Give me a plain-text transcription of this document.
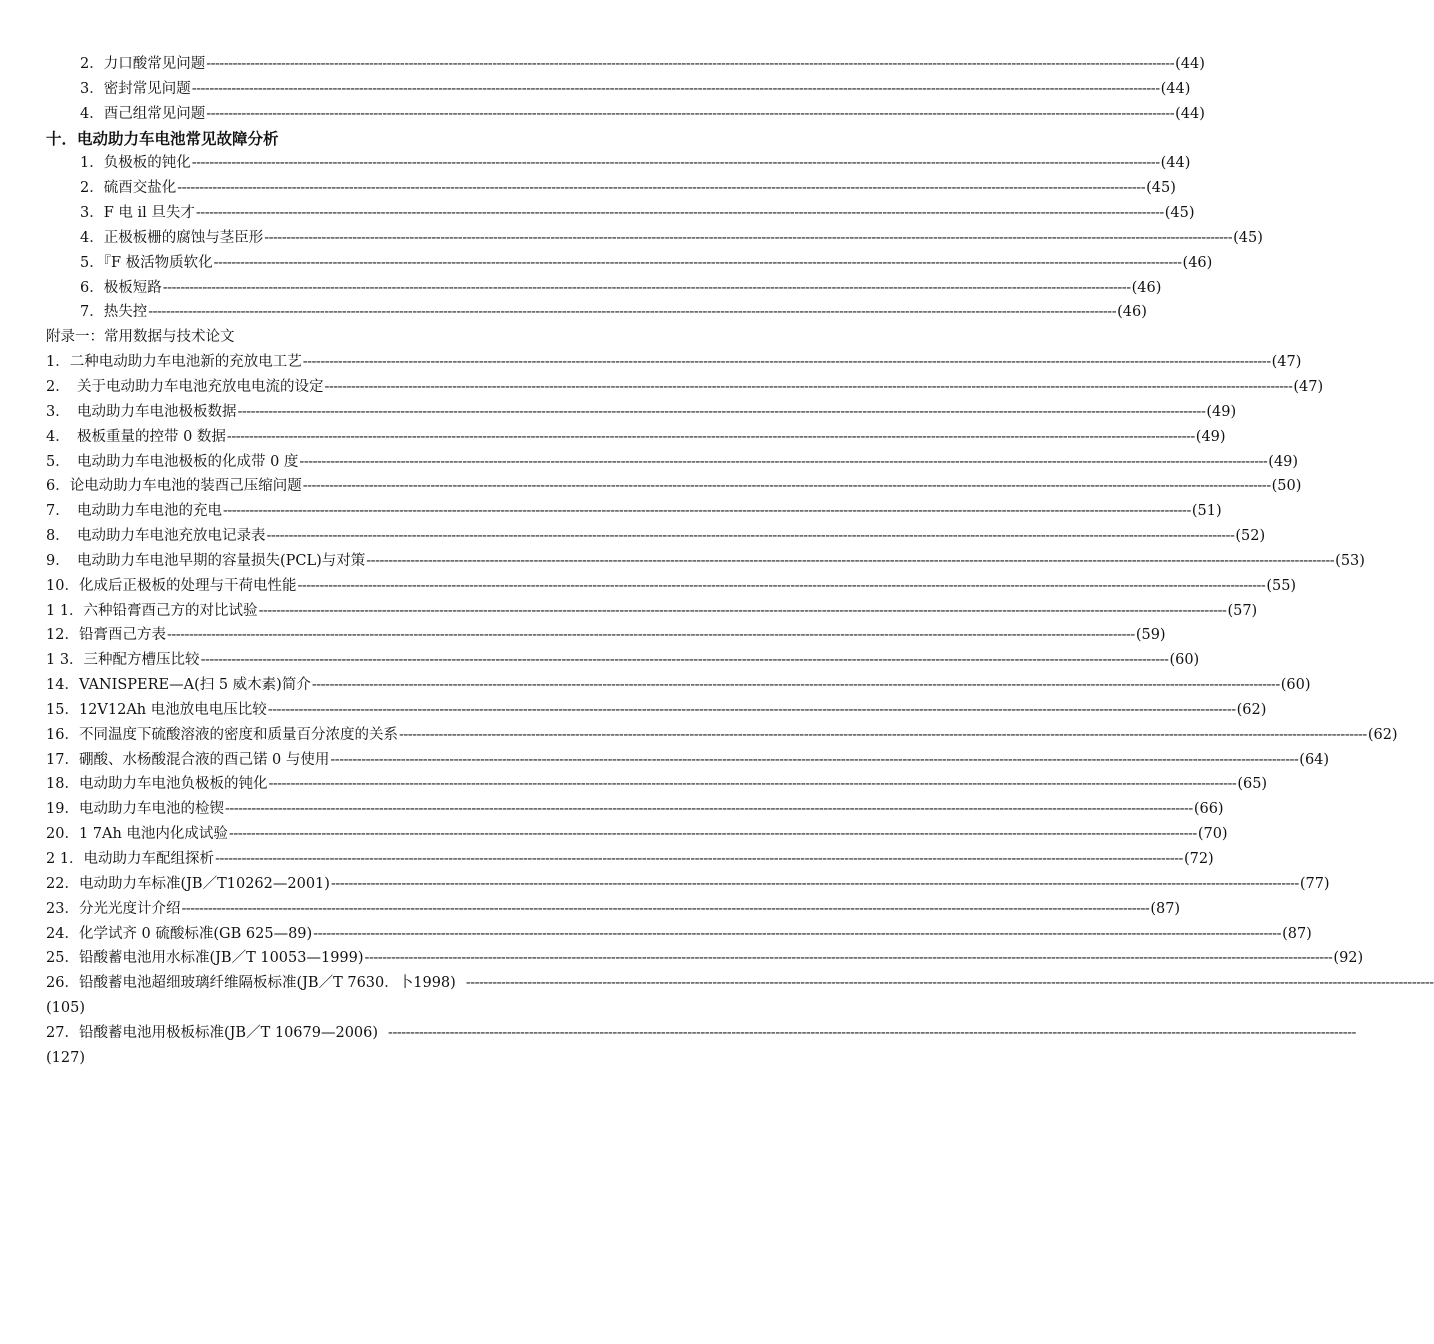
2．力口酸常见问题 ---------------------------------------------------------------------------------------------------------------------------------------------------------------------------------------------------------------------------- (44)
3．密封常见问题 ---------------------------------------------------------------------------------------------------------------------------------------------------------------------------------------------------------------------------- (44)
4．酉己组常见问题 ---------------------------------------------------------------------------------------------------------------------------------------------------------------------------------------------------------------------------- (44)
十．电动助力车电池常见故障分析
1．负极板的钝化 ---------------------------------------------------------------------------------------------------------------------------------------------------------------------------------------------------------------------------- (44)
2．硫酉交盐化 ---------------------------------------------------------------------------------------------------------------------------------------------------------------------------------------------------------------------------- (45)
3．F 电 il 旦失才 ---------------------------------------------------------------------------------------------------------------------------------------------------------------------------------------------------------------------------- (45)
4．正极板栅的腐蚀与茎臣形 ---------------------------------------------------------------------------------------------------------------------------------------------------------------------------------------------------------------------------- (45)
5．『F 极活物质软化 ---------------------------------------------------------------------------------------------------------------------------------------------------------------------------------------------------------------------------- (46)
6．极板短路 ---------------------------------------------------------------------------------------------------------------------------------------------------------------------------------------------------------------------------- (46)
7．热失控 ---------------------------------------------------------------------------------------------------------------------------------------------------------------------------------------------------------------------------- (46)
附录一：常用数据与技术论文
1．二种电动助力车电池新的充放电工艺 ---------------------------------------------------------------------------------------------------------------------------------------------------------------------------------------------------------------------------- (47)
2．　关于电动助力车电池充放电电流的设定 ---------------------------------------------------------------------------------------------------------------------------------------------------------------------------------------------------------------------------- (47)
3．　电动助力车电池极板数据 ---------------------------------------------------------------------------------------------------------------------------------------------------------------------------------------------------------------------------- (49)
4．　极板重量的控带 0 数据 ---------------------------------------------------------------------------------------------------------------------------------------------------------------------------------------------------------------------------- (49)
5．　电动助力车电池极板的化成带 0 度 ---------------------------------------------------------------------------------------------------------------------------------------------------------------------------------------------------------------------------- (49)
6．论电动助力车电池的装酉己压缩问题 ---------------------------------------------------------------------------------------------------------------------------------------------------------------------------------------------------------------------------- (50)
7．　电动助力车电池的充电 ---------------------------------------------------------------------------------------------------------------------------------------------------------------------------------------------------------------------------- (51)
8．　电动助力车电池充放电记录表 ---------------------------------------------------------------------------------------------------------------------------------------------------------------------------------------------------------------------------- (52)
9．　电动助力车电池早期的容量损失(PCL)与对策 ---------------------------------------------------------------------------------------------------------------------------------------------------------------------------------------------------------------------------- (53)
10．化成后正极板的处理与干荷电性能 ---------------------------------------------------------------------------------------------------------------------------------------------------------------------------------------------------------------------------- (55)
1 1．六种铅膏酉己方的对比试验 ---------------------------------------------------------------------------------------------------------------------------------------------------------------------------------------------------------------------------- (57)
12．铅膏酉己方表 ---------------------------------------------------------------------------------------------------------------------------------------------------------------------------------------------------------------------------- (59)
1 3．三种配方槽压比较 ---------------------------------------------------------------------------------------------------------------------------------------------------------------------------------------------------------------------------- (60)
14．VANISPERE—A(扫 5 威木素)简介 ---------------------------------------------------------------------------------------------------------------------------------------------------------------------------------------------------------------------------- (60)
15．12V12Ah 电池放电电压比较 ---------------------------------------------------------------------------------------------------------------------------------------------------------------------------------------------------------------------------- (62)
16．不同温度下硫酸溶液的密度和质量百分浓度的关系 ---------------------------------------------------------------------------------------------------------------------------------------------------------------------------------------------------------------------------- (62)
17．硼酸、水杨酸混合液的酉己锘 0 与使用 ---------------------------------------------------------------------------------------------------------------------------------------------------------------------------------------------------------------------------- (64)
18．电动助力车电池负极板的钝化 ---------------------------------------------------------------------------------------------------------------------------------------------------------------------------------------------------------------------------- (65)
19．电动助力车电池的检锲 ---------------------------------------------------------------------------------------------------------------------------------------------------------------------------------------------------------------------------- (66)
20．1 7Ah 电池内化成试验 ---------------------------------------------------------------------------------------------------------------------------------------------------------------------------------------------------------------------------- (70)
2 1．电动助力车配组探析 ---------------------------------------------------------------------------------------------------------------------------------------------------------------------------------------------------------------------------- (72)
22．电动助力车标准(JB／T10262—2001) ---------------------------------------------------------------------------------------------------------------------------------------------------------------------------------------------------------------------------- (77)
23．分光光度计介绍 ---------------------------------------------------------------------------------------------------------------------------------------------------------------------------------------------------------------------------- (87)
24．化学试齐 0 硫酸标准(GB 625—89) ---------------------------------------------------------------------------------------------------------------------------------------------------------------------------------------------------------------------------- (87)
25．铅酸蓄电池用水标准(JB／T 10053—1999) ---------------------------------------------------------------------------------------------------------------------------------------------------------------------------------------------------------------------------- (92)
26．铅酸蓄电池超细玻璃纤维隔板标准(JB／T 7630．卜1998) ----------------------------------------------------------------------------------------------------------------------------------------------------------------------------------------------------------------------------
(105)
27．铅酸蓄电池用极板标准(JB／T 10679—2006) ----------------------------------------------------------------------------------------------------------------------------------------------------------------------------------------------------------------------------
(127)
